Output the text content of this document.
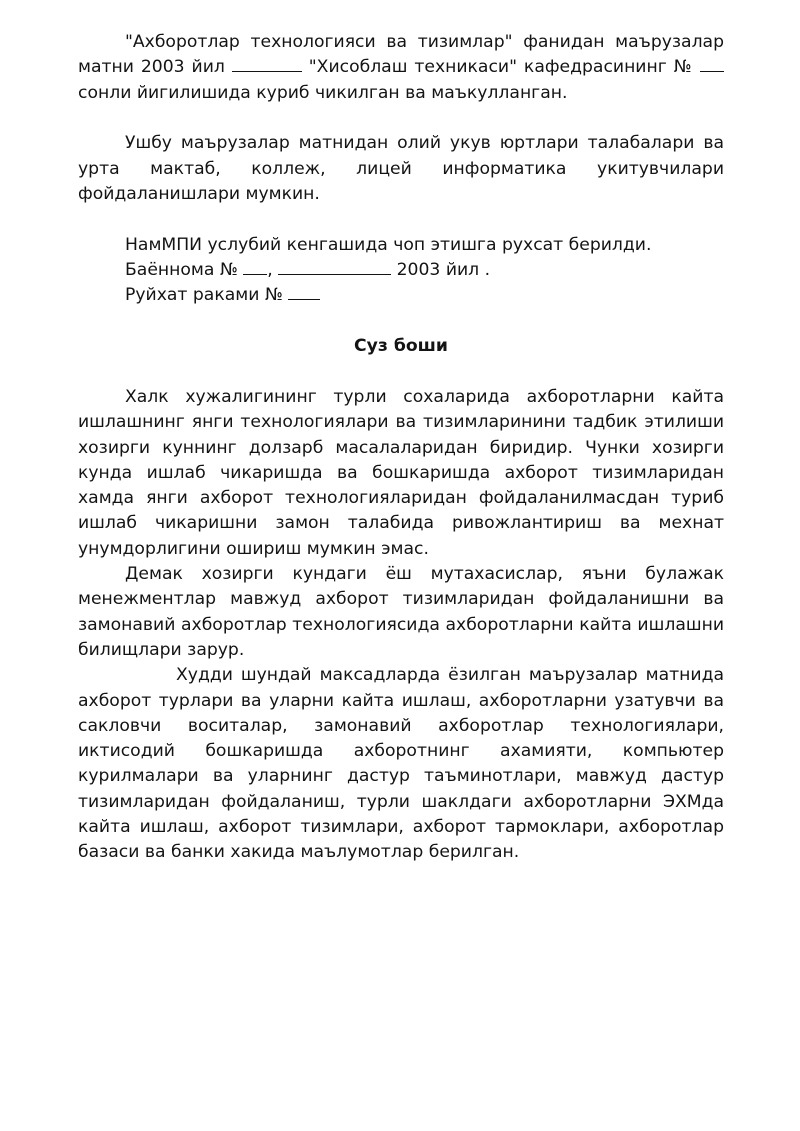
"Ахборотлар технологияси ва тизимлар" фанидан маърузалар матни 2003 йил	"Хисоблаш техникаси" кафедрасининг №  сонли йигилишида куриб чикилган ва маъкулланган.

Ушбу маърузалар матнидан олий укув юртлари талабалари ва урта мактаб, коллеж, лицей информатика укитувчилари фойдаланишлари мумкин.

НамМПИ услубий кенгашида чоп этишга рухсат берилди.
Баённома № ,	2003 йил .
Руйхат раками №
Суз боши

Халк хужалигининг турли сохаларида ахборотларни кайта ишлашнинг янги технологиялари ва тизимларинини тадбик этилиши хозирги куннинг долзарб масалаларидан биридир. Чунки хозирги кунда ишлаб чикаришда ва бошкаришда ахборот тизимларидан хамда янги ахборот технологияларидан фойдаланилмасдан туриб ишлаб чикаришни замон талабида ривожлантириш ва мехнат унумдорлигини ошириш мумкин эмас.

Демак хозирги кундаги ёш мутахасислар, яъни булажак менежментлар мавжуд ахборот тизимларидан фойдаланишни ва замонавий ахборотлар технологиясида ахборотларни кайта ишлашни билищлари зарур.

Худди шундай максадларда ёзилган маърузалар матнида ахборот турлари ва уларни кайта ишлаш, ахборотларни узатувчи ва сакловчи воситалар, замонавий ахборотлар технологиялари, иктисодий бошкаришда ахборотнинг ахамияти, компьютер курилмалари ва уларнинг дастур таъминотлари, мавжуд дастур тизимларидан фойдаланиш, турли шаклдаги ахборотларни ЭХМда кайта ишлаш, ахборот тизимлари, ахборот тармоклари, ахборотлар базаси ва банки хакида маълумотлар берилган.
